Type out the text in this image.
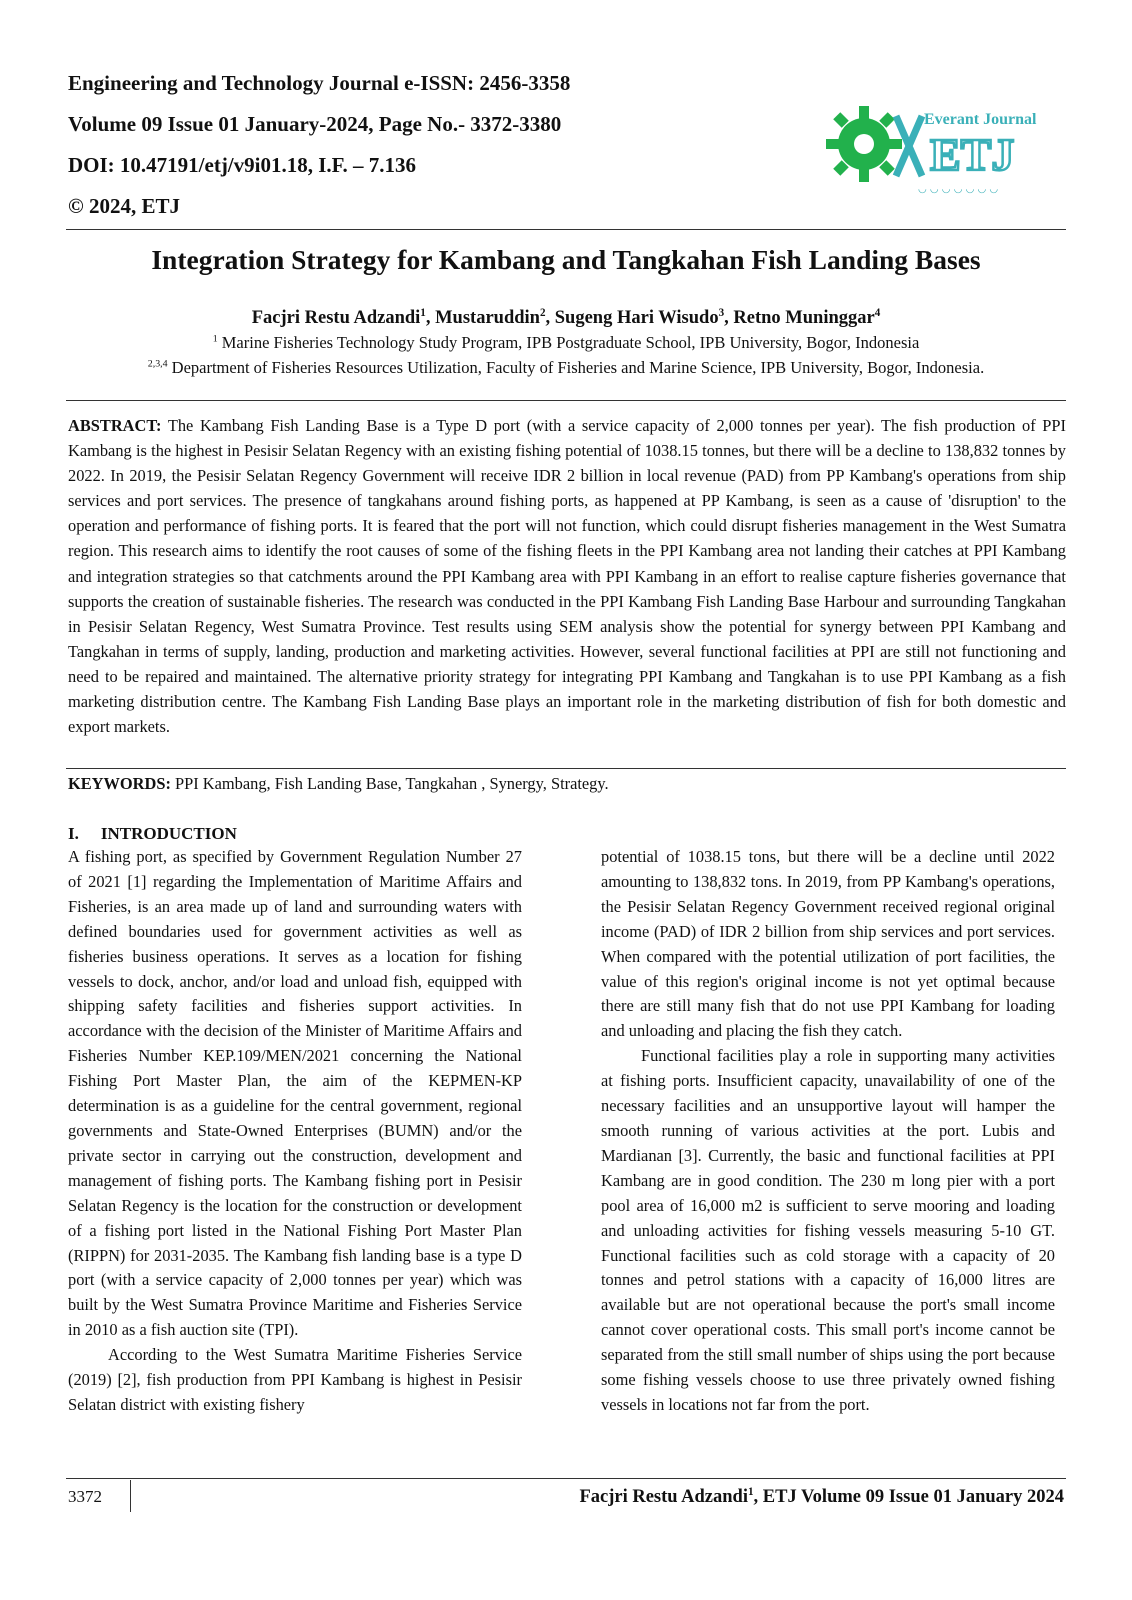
Engineering and Technology Journal e-ISSN: 2456-3358
Volume 09 Issue 01 January-2024, Page No.- 3372-3380
DOI: 10.47191/etj/v9i01.18, I.F. – 7.136
© 2024, ETJ
Everant Journal
ETJ
◡ ◡ ◡ ◡ ◡ ◡ ◡
Integration Strategy for Kambang and Tangkahan Fish Landing Bases
Facjri Restu Adzandi$^1$, Mustaruddin$^2$, Sugeng Hari Wisudo$^3$, Retno Muninggar$^4$
$^1$ Marine Fisheries Technology Study Program, IPB Postgraduate School, IPB University, Bogor, Indonesia
$^{2,3,4}$ Department of Fisheries Resources Utilization, Faculty of Fisheries and Marine Science, IPB University, Bogor, Indonesia.
ABSTRACT: The Kambang Fish Landing Base is a Type D port (with a service capacity of 2,000 tonnes per year). The fish production of PPI Kambang is the highest in Pesisir Selatan Regency with an existing fishing potential of 1038.15 tonnes, but there will be a decline to 138,832 tonnes by 2022. In 2019, the Pesisir Selatan Regency Government will receive IDR 2 billion in local revenue (PAD) from PP Kambang's operations from ship services and port services. The presence of tangkahans around fishing ports, as happened at PP Kambang, is seen as a cause of 'disruption' to the operation and performance of fishing ports. It is feared that the port will not function, which could disrupt fisheries management in the West Sumatra region. This research aims to identify the root causes of some of the fishing fleets in the PPI Kambang area not landing their catches at PPI Kambang and integration strategies so that catchments around the PPI Kambang area with PPI Kambang in an effort to realise capture fisheries governance that supports the creation of sustainable fisheries. The research was conducted in the PPI Kambang Fish Landing Base Harbour and surrounding Tangkahan in Pesisir Selatan Regency, West Sumatra Province. Test results using SEM analysis show the potential for synergy between PPI Kambang and Tangkahan in terms of supply, landing, production and marketing activities. However, several functional facilities at PPI are still not functioning and need to be repaired and maintained. The alternative priority strategy for integrating PPI Kambang and Tangkahan is to use PPI Kambang as a fish marketing distribution centre. The Kambang Fish Landing Base plays an important role in the marketing distribution of fish for both domestic and export markets.
KEYWORDS: PPI Kambang, Fish Landing Base, Tangkahan , Synergy, Strategy.
I. INTRODUCTION

A fishing port, as specified by Government Regulation Number 27 of 2021 [1] regarding the Implementation of Maritime Affairs and Fisheries, is an area made up of land and surrounding waters with defined boundaries used for government activities as well as fisheries business operations. It serves as a location for fishing vessels to dock, anchor, and/or load and unload fish, equipped with shipping safety facilities and fisheries support activities. In accordance with the decision of the Minister of Maritime Affairs and Fisheries Number KEP.109/MEN/2021 concerning the National Fishing Port Master Plan, the aim of the KEPMEN-KP determination is as a guideline for the central government, regional governments and State-Owned Enterprises (BUMN) and/or the private sector in carrying out the construction, development and management of fishing ports. The Kambang fishing port in Pesisir Selatan Regency is the location for the construction or development of a fishing port listed in the National Fishing Port Master Plan (RIPPN) for 2031-2035. The Kambang fish landing base is a type D port (with a service capacity of 2,000 tonnes per year) which was built by the West Sumatra Province Maritime and Fisheries Service in 2010 as a fish auction site (TPI).

According to the West Sumatra Maritime Fisheries Service (2019) [2], fish production from PPI Kambang is highest in Pesisir Selatan district with existing fishery

potential of 1038.15 tons, but there will be a decline until 2022 amounting to 138,832 tons. In 2019, from PP Kambang's operations, the Pesisir Selatan Regency Government received regional original income (PAD) of IDR 2 billion from ship services and port services. When compared with the potential utilization of port facilities, the value of this region's original income is not yet optimal because there are still many fish that do not use PPI Kambang for loading and unloading and placing the fish they catch.

Functional facilities play a role in supporting many activities at fishing ports. Insufficient capacity, unavailability of one of the necessary facilities and an unsupportive layout will hamper the smooth running of various activities at the port. Lubis and Mardianan [3]. Currently, the basic and functional facilities at PPI Kambang are in good condition. The 230 m long pier with a port pool area of 16,000 m2 is sufficient to serve mooring and loading and unloading activities for fishing vessels measuring 5-10 GT. Functional facilities such as cold storage with a capacity of 20 tonnes and petrol stations with a capacity of 16,000 litres are available but are not operational because the port's small income cannot cover operational costs. This small port's income cannot be separated from the still small number of ships using the port because some fishing vessels choose to use three privately owned fishing vessels in locations not far from the port.

3372	Facjri Restu Adzandi$^1$, ETJ Volume 09 Issue 01 January 2024
